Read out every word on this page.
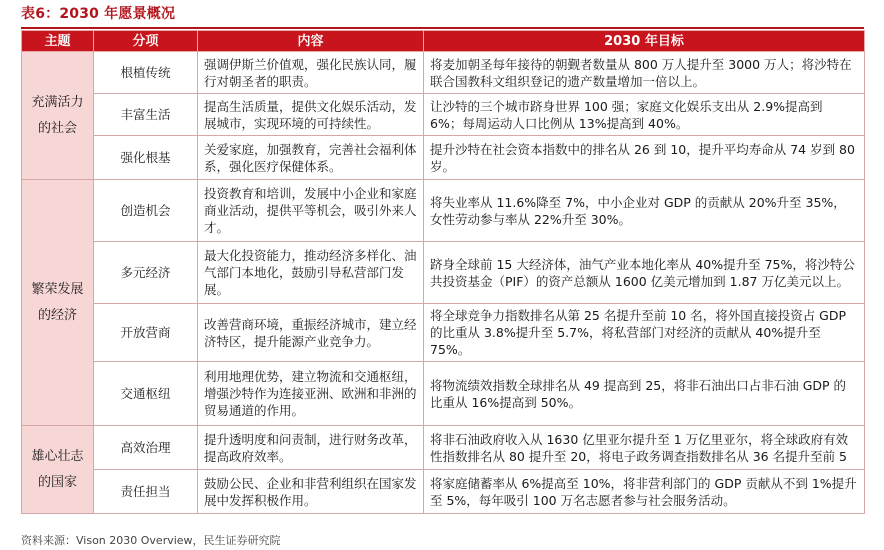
表6：2030 年愿景概况
主题	分项	内容	2030 年目标

充满活力
的社会	根植传统	强调伊斯兰价值观，强化民族认同，履行对朝圣者的职责。	将麦加朝圣每年接待的朝觐者数量从 800 万人提升至 3000 万人；将沙特在联合国教科文组织登记的遗产数量增加一倍以上。
	丰富生活	提高生活质量，提供文化娱乐活动，发展城市，实现环境的可持续性。	让沙特的三个城市跻身世界 100 强；家庭文化娱乐支出从 2.9%提高到 6%；每周运动人口比例从 13%提高到 40%。
	强化根基	关爱家庭，加强教育，完善社会福利体系，强化医疗保健体系。	提升沙特在社会资本指数中的排名从 26 到 10，提升平均寿命从 74 岁到 80 岁。

繁荣发展
的经济	创造机会	投资教育和培训，发展中小企业和家庭商业活动，提供平等机会，吸引外来人才。	将失业率从 11.6%降至 7%，中小企业对 GDP 的贡献从 20%升至 35%，女性劳动参与率从 22%升至 30%。
	多元经济	最大化投资能力，推动经济多样化、油气部门本地化，鼓励引导私营部门发展。	跻身全球前 15 大经济体，油气产业本地化率从 40%提升至 75%，将沙特公共投资基金（PIF）的资产总额从 1600 亿美元增加到 1.87 万亿美元以上。
	开放营商	改善营商环境，重振经济城市，建立经济特区，提升能源产业竞争力。	将全球竞争力指数排名从第 25 名提升至前 10 名，将外国直接投资占 GDP 的比重从 3.8%提升至 5.7%，将私营部门对经济的贡献从 40%提升至 75%。
	交通枢纽	利用地理优势，建立物流和交通枢纽，增强沙特作为连接亚洲、欧洲和非洲的贸易通道的作用。	将物流绩效指数全球排名从 49 提高到 25，将非石油出口占非石油 GDP 的比重从 16%提高到 50%。

雄心壮志
的国家	高效治理	提升透明度和问责制，进行财务改革，提高政府效率。	将非石油政府收入从 1630 亿里亚尔提升至 1 万亿里亚尔，将全球政府有效性指数排名从 80 提升至 20，将电子政务调查指数排名从 36 名提升至前 5
	责任担当	鼓励公民、企业和非营利组织在国家发展中发挥积极作用。	将家庭储蓄率从 6%提高至 10%，将非营利部门的 GDP 贡献从不到 1%提升至 5%，每年吸引 100 万名志愿者参与社会服务活动。
资料来源：Vison 2030 Overview，民生证券研究院
